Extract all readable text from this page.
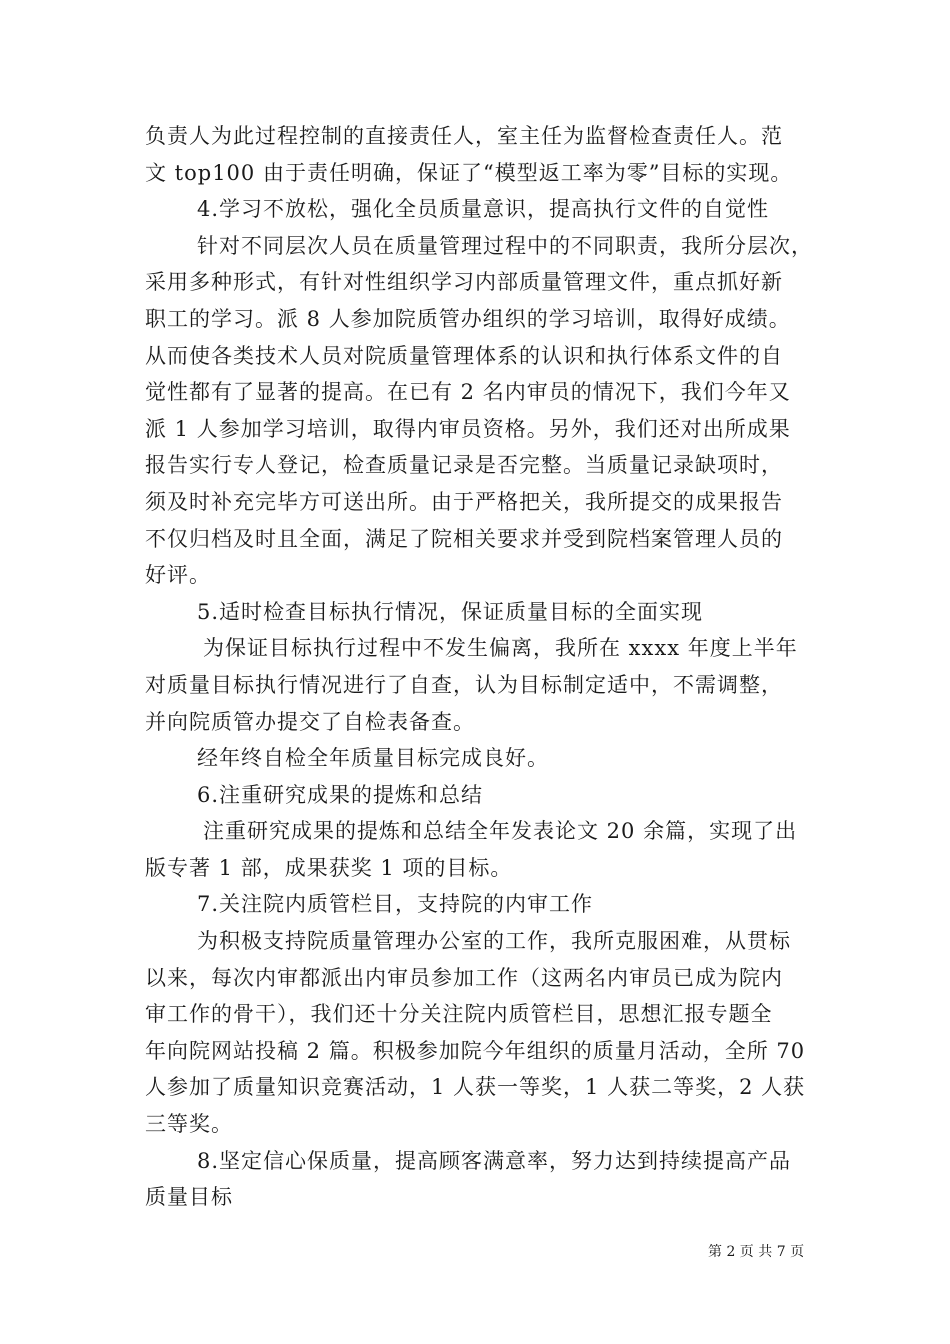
负责人为此过程控制的直接责任人，室主任为监督检查责任人。范
文 top100 由于责任明确，保证了“模型返工率为零”目标的实现。
4.学习不放松，强化全员质量意识，提高执行文件的自觉性
针对不同层次人员在质量管理过程中的不同职责，我所分层次，
采用多种形式，有针对性组织学习内部质量管理文件，重点抓好新
职工的学习。派 8 人参加院质管办组织的学习培训，取得好成绩。
从而使各类技术人员对院质量管理体系的认识和执行体系文件的自
觉性都有了显著的提高。在已有 2 名内审员的情况下，我们今年又
派 1 人参加学习培训，取得内审员资格。另外，我们还对出所成果
报告实行专人登记，检查质量记录是否完整。当质量记录缺项时，
须及时补充完毕方可送出所。由于严格把关，我所提交的成果报告
不仅归档及时且全面，满足了院相关要求并受到院档案管理人员的
好评。
5.适时检查目标执行情况，保证质量目标的全面实现
为保证目标执行过程中不发生偏离，我所在 xxxx 年度上半年
对质量目标执行情况进行了自查，认为目标制定适中，不需调整，
并向院质管办提交了自检表备查。
经年终自检全年质量目标完成良好。
6.注重研究成果的提炼和总结
注重研究成果的提炼和总结全年发表论文 20 余篇，实现了出
版专著 1 部，成果获奖 1 项的目标。
7.关注院内质管栏目，支持院的内审工作
为积极支持院质量管理办公室的工作，我所克服困难，从贯标
以来，每次内审都派出内审员参加工作（这两名内审员已成为院内
审工作的骨干），我们还十分关注院内质管栏目，思想汇报专题全
年向院网站投稿 2 篇。积极参加院今年组织的质量月活动，全所 70
人参加了质量知识竞赛活动，1 人获一等奖，1 人获二等奖，2 人获
三等奖。
8.坚定信心保质量，提高顾客满意率，努力达到持续提高产品
质量目标
第 2 页 共 7 页
